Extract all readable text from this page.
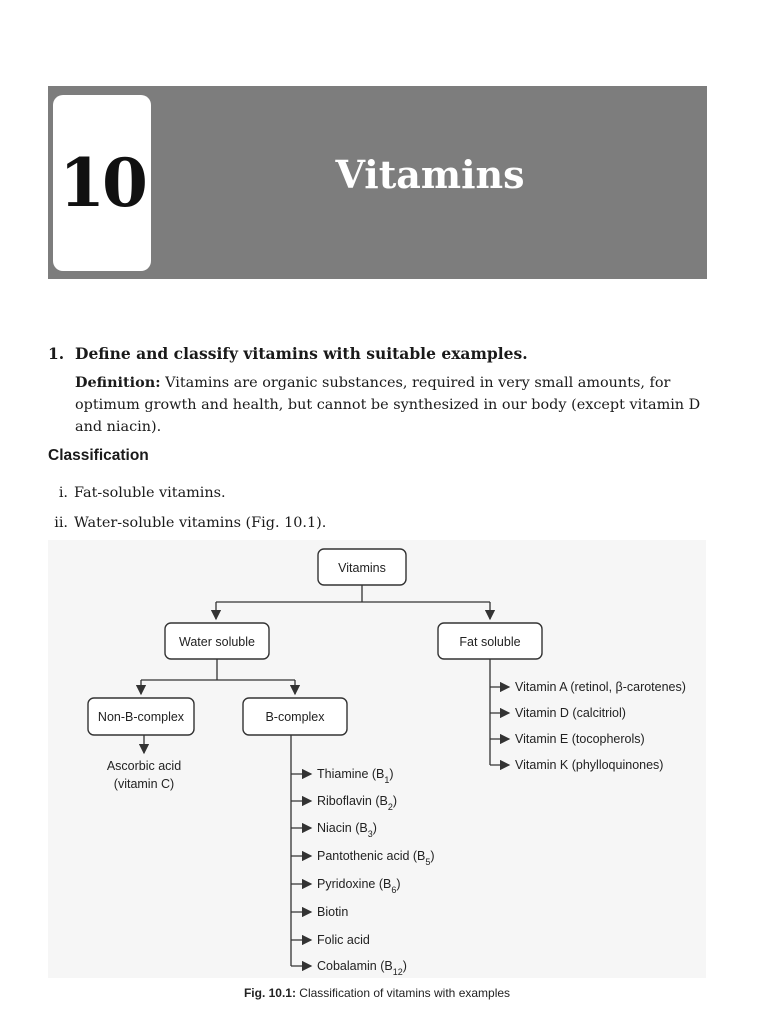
10	Vitamins
1. Define and classify vitamins with suitable examples.
Definition: Vitamins are organic substances, required in very small amounts, for optimum growth and health, but cannot be synthesized in our body (except vitamin D and niacin).
Classification
i. Fat-soluble vitamins.
ii. Water-soluble vitamins (Fig. 10.1).
Vitamins
Water soluble	Fat soluble
Non-B-complex
Ascorbic acid
(vitamin C)
B-complex
Vitamin A (retinol, β-carotenes)
Vitamin D (calcitriol)
Vitamin E (tocopherols)
Vitamin K (phylloquinones)
Thiamine $(B_1)$
Riboflavin $(B_2)$
Niacin $(B_3)$
Pantothenic acid $(B_5)$
Pyridoxine $(B_6)$
Biotin
Folic acid
Cobalamin $(B_{12})$
Fig. 10.1: Classification of vitamins with examples
